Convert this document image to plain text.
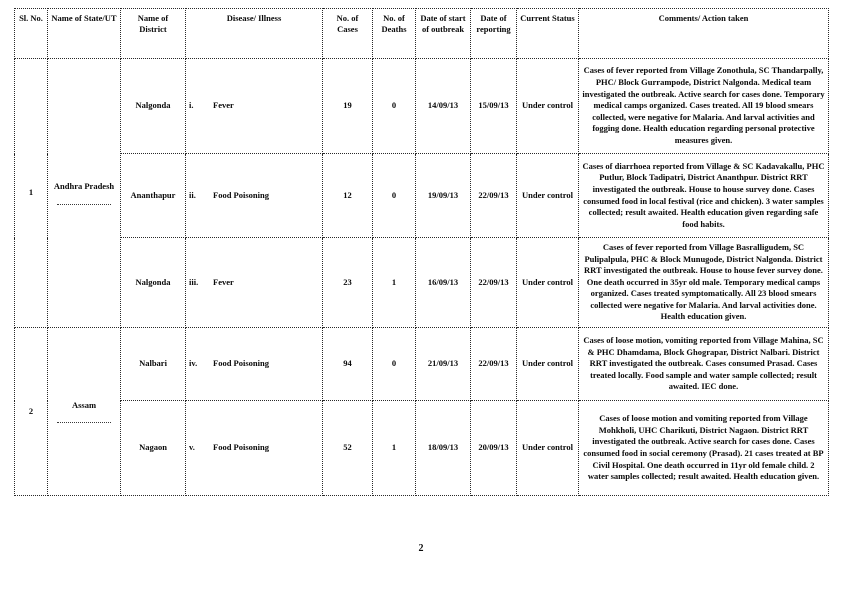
Sl. No.	Name of State/UT	Name of District	Disease/ Illness	No. of Cases	No. of Deaths	Date of start of outbreak	Date of reporting	Current Status	Comments/ Action taken
1	Andhra Pradesh	Nalgonda	i. Fever	19	0	14/09/13	15/09/13	Under control	Cases of fever reported from Village Zonothula, SC Thandarpally, PHC/ Block Gurrampode, District Nalgonda. Medical team investigated the outbreak. Active search for cases done. Temporary medical camps organized. Cases treated. All 19 blood smears collected, were negative for Malaria. And larval activities and fogging done. Health education regarding personal protective measures given.
		Ananthapur	ii. Food Poisoning	12	0	19/09/13	22/09/13	Under control	Cases of diarrhoea reported from Village & SC Kadavakallu, PHC Putlur, Block Tadipatri, District Ananthpur. District RRT investigated the outbreak. House to house survey done. Cases consumed food in local festival (rice and chicken). 3 water samples collected; result awaited. Health education given regarding safe food habits.
		Nalgonda	iii. Fever	23	1	16/09/13	22/09/13	Under control	Cases of fever reported from Village Basralligudem, SC Pulipalpula, PHC & Block Munugode, District Nalgonda. District RRT investigated the outbreak. House to house fever survey done. One death occurred in 35yr old male. Temporary medical camps organized. Cases treated symptomatically. All 23 blood smears collected were negative for Malaria. And larval activities done. Health education given.
2	Assam	Nalbari	iv. Food Poisoning	94	0	21/09/13	22/09/13	Under control	Cases of loose motion, vomiting reported from Village Mahina, SC & PHC Dhamdama, Block Ghograpar, District Nalbari. District RRT investigated the outbreak. Cases consumed Prasad. Cases treated locally. Food sample and water sample collected; result awaited. IEC done.
		Nagaon	v. Food Poisoning	52	1	18/09/13	20/09/13	Under control	Cases of loose motion and vomiting reported from Village Mohkholi, UHC Charikuti, District Nagaon. District RRT investigated the outbreak. Active search for cases done. Cases consumed food in social ceremony (Prasad). 21 cases treated at BP Civil Hospital. One death occurred in 11yr old female child. 2 water samples collected; result awaited. Health education given.
2
